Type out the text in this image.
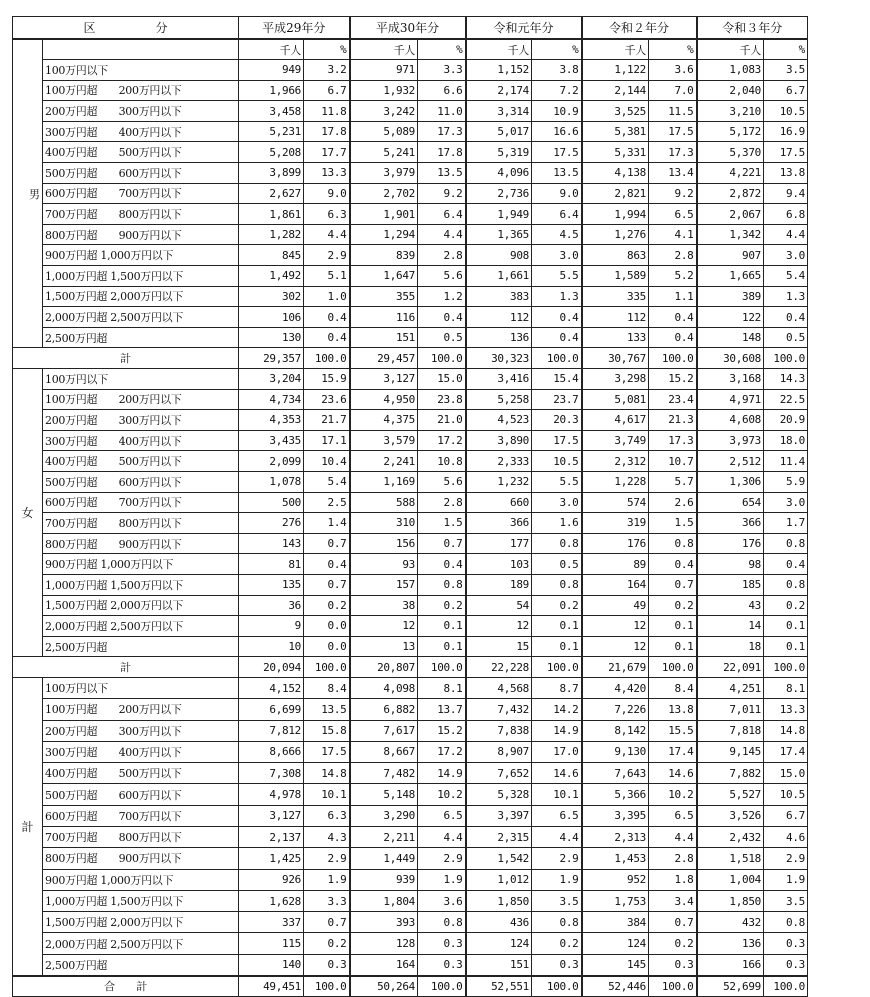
区　　　　　分		平成29年分		平成30年分		令和元年分		令和２年分		令和３年分	
男		千人	%	千人	%	千人	%	千人	%	千人	%
	100万円以下	949	3.2	971	3.3	1,152	3.8	1,122	3.6	1,083	3.5
	100万円超　　200万円以下	1,966	6.7	1,932	6.6	2,174	7.2	2,144	7.0	2,040	6.7
	200万円超　　300万円以下	3,458	11.8	3,242	11.0	3,314	10.9	3,525	11.5	3,210	10.5
	300万円超　　400万円以下	5,231	17.8	5,089	17.3	5,017	16.6	5,381	17.5	5,172	16.9
	400万円超　　500万円以下	5,208	17.7	5,241	17.8	5,319	17.5	5,331	17.3	5,370	17.5
	500万円超　　600万円以下	3,899	13.3	3,979	13.5	4,096	13.5	4,138	13.4	4,221	13.8
	600万円超　　700万円以下	2,627	9.0	2,702	9.2	2,736	9.0	2,821	9.2	2,872	9.4
	700万円超　　800万円以下	1,861	6.3	1,901	6.4	1,949	6.4	1,994	6.5	2,067	6.8
	800万円超　　900万円以下	1,282	4.4	1,294	4.4	1,365	4.5	1,276	4.1	1,342	4.4
	900万円超 1,000万円以下	845	2.9	839	2.8	908	3.0	863	2.8	907	3.0
	1,000万円超 1,500万円以下	1,492	5.1	1,647	5.6	1,661	5.5	1,589	5.2	1,665	5.4
	1,500万円超 2,000万円以下	302	1.0	355	1.2	383	1.3	335	1.1	389	1.3
	2,000万円超 2,500万円以下	106	0.4	116	0.4	112	0.4	112	0.4	122	0.4
	2,500万円超	130	0.4	151	0.5	136	0.4	133	0.4	148	0.5
計		29,357	100.0	29,457	100.0	30,323	100.0	30,767	100.0	30,608	100.0
女	100万円以下	3,204	15.9	3,127	15.0	3,416	15.4	3,298	15.2	3,168	14.3
	100万円超　　200万円以下	4,734	23.6	4,950	23.8	5,258	23.7	5,081	23.4	4,971	22.5
	200万円超　　300万円以下	4,353	21.7	4,375	21.0	4,523	20.3	4,617	21.3	4,608	20.9
	300万円超　　400万円以下	3,435	17.1	3,579	17.2	3,890	17.5	3,749	17.3	3,973	18.0
	400万円超　　500万円以下	2,099	10.4	2,241	10.8	2,333	10.5	2,312	10.7	2,512	11.4
	500万円超　　600万円以下	1,078	5.4	1,169	5.6	1,232	5.5	1,228	5.7	1,306	5.9
	600万円超　　700万円以下	500	2.5	588	2.8	660	3.0	574	2.6	654	3.0
	700万円超　　800万円以下	276	1.4	310	1.5	366	1.6	319	1.5	366	1.7
	800万円超　　900万円以下	143	0.7	156	0.7	177	0.8	176	0.8	176	0.8
	900万円超 1,000万円以下	81	0.4	93	0.4	103	0.5	89	0.4	98	0.4
	1,000万円超 1,500万円以下	135	0.7	157	0.8	189	0.8	164	0.7	185	0.8
	1,500万円超 2,000万円以下	36	0.2	38	0.2	54	0.2	49	0.2	43	0.2
	2,000万円超 2,500万円以下	9	0.0	12	0.1	12	0.1	12	0.1	14	0.1
	2,500万円超	10	0.0	13	0.1	15	0.1	12	0.1	18	0.1
計		20,094	100.0	20,807	100.0	22,228	100.0	21,679	100.0	22,091	100.0
計	100万円以下	4,152	8.4	4,098	8.1	4,568	8.7	4,420	8.4	4,251	8.1
	100万円超　　200万円以下	6,699	13.5	6,882	13.7	7,432	14.2	7,226	13.8	7,011	13.3
	200万円超　　300万円以下	7,812	15.8	7,617	15.2	7,838	14.9	8,142	15.5	7,818	14.8
	300万円超　　400万円以下	8,666	17.5	8,667	17.2	8,907	17.0	9,130	17.4	9,145	17.4
	400万円超　　500万円以下	7,308	14.8	7,482	14.9	7,652	14.6	7,643	14.6	7,882	15.0
	500万円超　　600万円以下	4,978	10.1	5,148	10.2	5,328	10.1	5,366	10.2	5,527	10.5
	600万円超　　700万円以下	3,127	6.3	3,290	6.5	3,397	6.5	3,395	6.5	3,526	6.7
	700万円超　　800万円以下	2,137	4.3	2,211	4.4	2,315	4.4	2,313	4.4	2,432	4.6
	800万円超　　900万円以下	1,425	2.9	1,449	2.9	1,542	2.9	1,453	2.8	1,518	2.9
	900万円超 1,000万円以下	926	1.9	939	1.9	1,012	1.9	952	1.8	1,004	1.9
	1,000万円超 1,500万円以下	1,628	3.3	1,804	3.6	1,850	3.5	1,753	3.4	1,850	3.5
	1,500万円超 2,000万円以下	337	0.7	393	0.8	436	0.8	384	0.7	432	0.8
	2,000万円超 2,500万円以下	115	0.2	128	0.3	124	0.2	124	0.2	136	0.3
	2,500万円超	140	0.3	164	0.3	151	0.3	145	0.3	166	0.3
合　　計		49,451	100.0	50,264	100.0	52,551	100.0	52,446	100.0	52,699	100.0
